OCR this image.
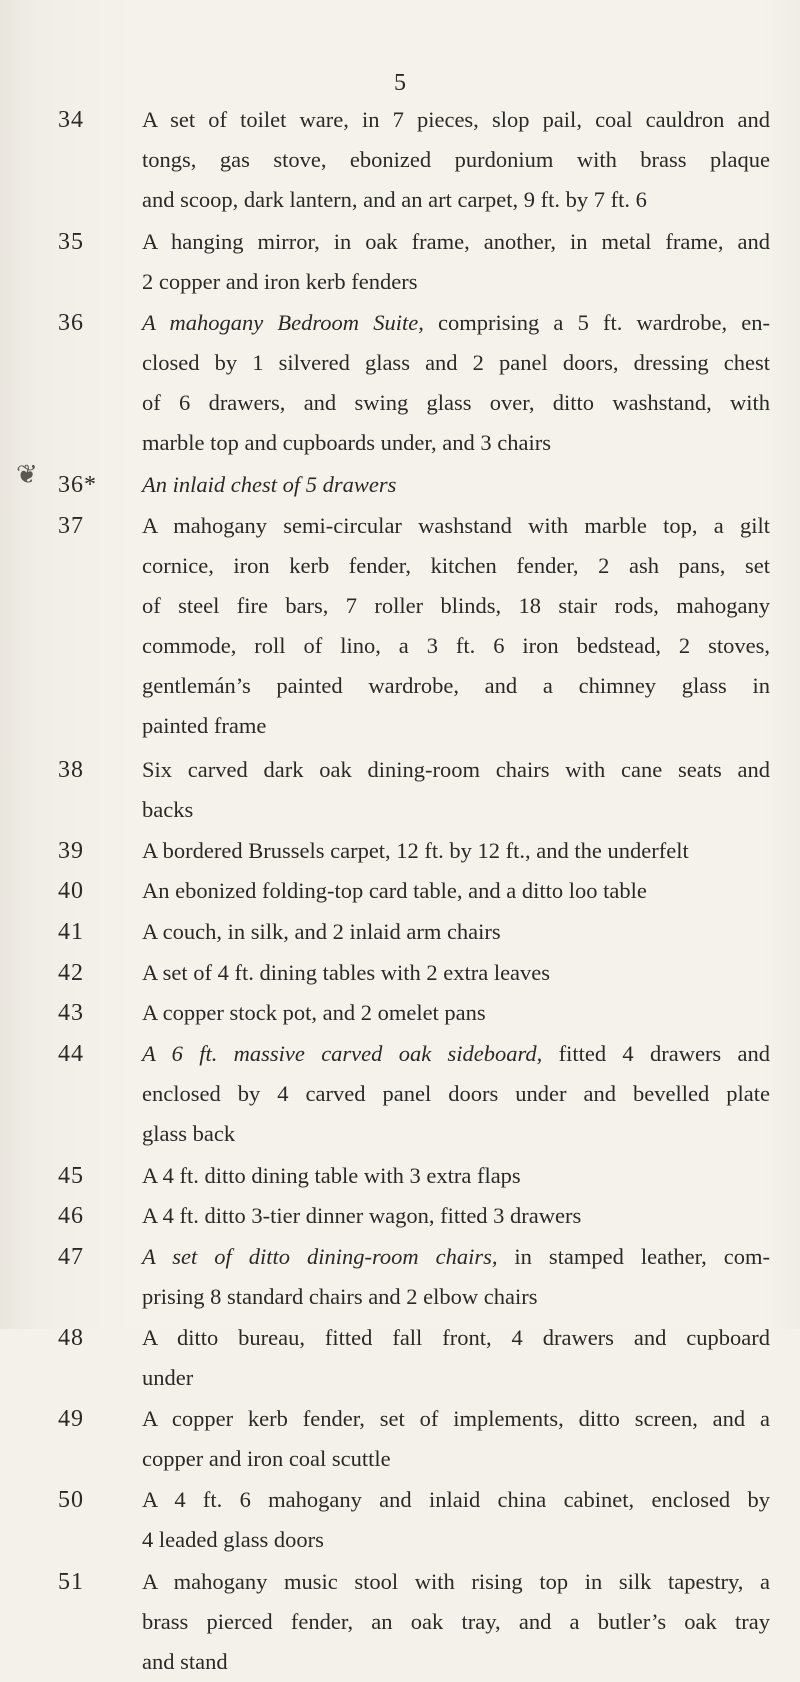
5
❦
34	A set of toilet ware, in 7 pieces, slop pail, coal cauldron and
tongs, gas stove, ebonized purdonium with brass plaque
and scoop, dark lantern, and an art carpet, 9 ft. by 7 ft. 6
35	A hanging mirror, in oak frame, another, in metal frame, and
2 copper and iron kerb fenders
36	A mahogany Bedroom Suite, comprising a 5 ft. wardrobe, en-
closed by 1 silvered glass and 2 panel doors, dressing chest
of 6 drawers, and swing glass over, ditto washstand, with
marble top and cupboards under, and 3 chairs
36*	An inlaid chest of 5 drawers
37	A mahogany semi-circular washstand with marble top, a gilt
cornice, iron kerb fender, kitchen fender, 2 ash pans, set
of steel fire bars, 7 roller blinds, 18 stair rods, mahogany
commode, roll of lino, a 3 ft. 6 iron bedstead, 2 stoves,
gentlemán’s painted wardrobe, and a chimney glass in
painted frame
38	Six carved dark oak dining-room chairs with cane seats and
backs
39	A bordered Brussels carpet, 12 ft. by 12 ft., and the underfelt
40	An ebonized folding-top card table, and a ditto loo table
41	A couch, in silk, and 2 inlaid arm chairs
42	A set of 4 ft. dining tables with 2 extra leaves
43	A copper stock pot, and 2 omelet pans
44	A 6 ft. massive carved oak sideboard, fitted 4 drawers and
enclosed by 4 carved panel doors under and bevelled plate
glass back
45	A 4 ft. ditto dining table with 3 extra flaps
46	A 4 ft. ditto 3-tier dinner wagon, fitted 3 drawers
47	A set of ditto dining-room chairs, in stamped leather, com-
prising 8 standard chairs and 2 elbow chairs
48	A ditto bureau, fitted fall front, 4 drawers and cupboard
under
49	A copper kerb fender, set of implements, ditto screen, and a
copper and iron coal scuttle
50	A 4 ft. 6 mahogany and inlaid china cabinet, enclosed by
4 leaded glass doors
51	A mahogany music stool with rising top in silk tapestry, a
brass pierced fender, an oak tray, and a butler’s oak tray
and stand
